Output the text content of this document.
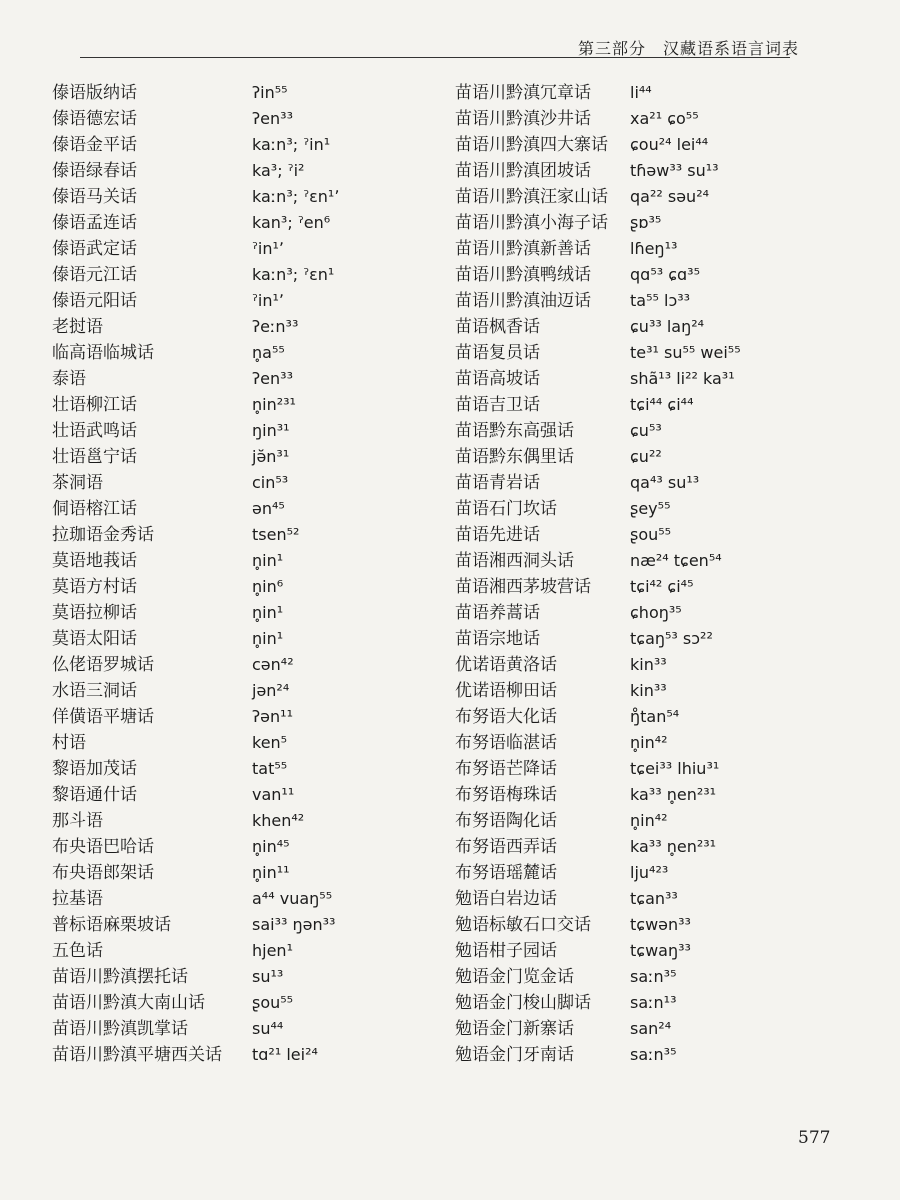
第三部分　汉藏语系语言词表
傣语版纳话	ʔin⁵⁵
傣语德宏话	ʔen³³
傣语金平话	kaːn³; ˀin¹
傣语绿春话	ka³; ˀi²
傣语马关话	kaːn³; ˀɛn¹ʼ
傣语孟连话	kan³; ˀen⁶
傣语武定话	ˀin¹ʼ
傣语元江话	kaːn³; ˀɛn¹
傣语元阳话	ˀin¹ʼ
老挝语	ʔeːn³³
临高语临城话	n̥a⁵⁵
泰语	ʔen³³
壮语柳江话	n̥in²³¹
壮语武鸣话	ŋin³¹
壮语邕宁话	jə̆n³¹
茶洞语	cin⁵³
侗语榕江话	ən⁴⁵
拉珈语金秀话	tsen⁵²
莫语地莪话	n̥in¹
莫语方村话	n̥in⁶
莫语拉柳话	n̥in¹
莫语太阳话	n̥in¹
仫佬语罗城话	cən⁴²
水语三洞话	jən²⁴
佯僙语平塘话	ʔən¹¹
村语	ken⁵
黎语加茂话	tat⁵⁵
黎语通什话	van¹¹
那斗语	khen⁴²
布央语巴哈话	n̥in⁴⁵
布央语郎架话	n̥in¹¹
拉基语	a⁴⁴ vuaŋ⁵⁵
普标语麻栗坡话	sai³³ ŋən³³
五色话	hjen¹
苗语川黔滇摆托话	su¹³
苗语川黔滇大南山话	ʂou⁵⁵
苗语川黔滇凯掌话	su⁴⁴
苗语川黔滇平塘西关话 tɑ²¹ lei²⁴
苗语川黔滇冗章话 li⁴⁴
苗语川黔滇沙井话 xa²¹ ɕo⁵⁵
苗语川黔滇四大寨话 ɕou²⁴ lei⁴⁴
苗语川黔滇团坡话 tɦəw³³ su¹³
苗语川黔滇汪家山话 qa²² səu²⁴
苗语川黔滇小海子话 ʂɒ³⁵
苗语川黔滇新善话 lɦeŋ¹³
苗语川黔滇鸭绒话 qɑ⁵³ ɕɑ³⁵
苗语川黔滇油迈话 ta⁵⁵ lɔ³³
苗语枫香话	ɕu³³ laŋ²⁴
苗语复员话	te³¹ su⁵⁵ wei⁵⁵
苗语高坡话	shã¹³ li²² ka³¹
苗语吉卫话	tɕi⁴⁴ ɕi⁴⁴
苗语黔东高强话	ɕu⁵³
苗语黔东偶里话	ɕu²²
苗语青岩话	qa⁴³ su¹³
苗语石门坎话	ʂey⁵⁵
苗语先进话	ʂou⁵⁵
苗语湘西洞头话	næ²⁴ tɕen⁵⁴
苗语湘西茅坡营话 tɕi⁴² ɕi⁴⁵
苗语养蒿话	ɕhoŋ³⁵
苗语宗地话	tɕaŋ⁵³ sɔ²²
优诺语黄洛话	kin³³
优诺语柳田话	kin³³
布努语大化话	ŋ̊tan⁵⁴
布努语临湛话	n̥in⁴²
布努语芒降话	tɕei³³ lhiu³¹
布努语梅珠话	ka³³ n̥en²³¹
布努语陶化话	n̥in⁴²
布努语西弄话	ka³³ n̥en²³¹
布努语瑶麓话	lju⁴²³
勉语白岩边话	tɕan³³
勉语标敏石口交话 tɕwən³³
勉语柑子园话	tɕwaŋ³³
勉语金门览金话	saːn³⁵
勉语金门梭山脚话 saːn¹³
勉语金门新寨话	san²⁴
勉语金门牙南话	saːn³⁵
577
